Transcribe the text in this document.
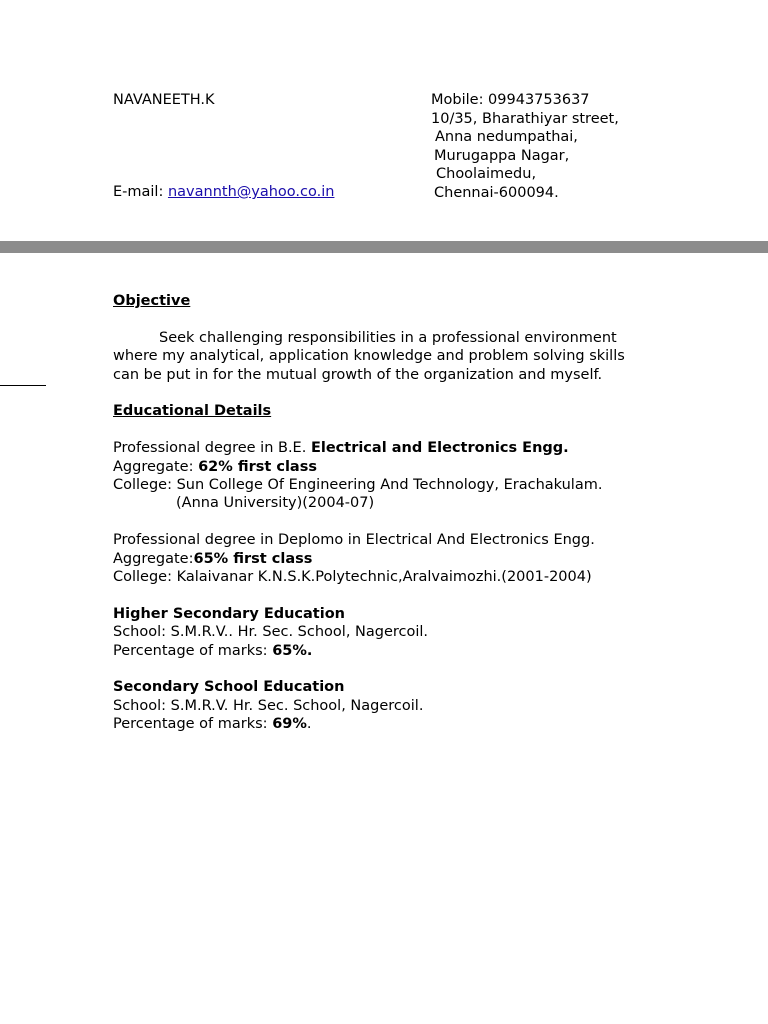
NAVANEETH.K
E-mail: navannth@yahoo.co.in
Mobile: 09943753637
10/35, Bharathiyar street,
Anna nedumpathai,
Murugappa Nagar,
Choolaimedu,
Chennai-600094.
Objective
Seek challenging responsibilities in a professional environment
where my analytical, application knowledge and problem solving skills
can be put in for the mutual growth of the organization and myself.
Educational Details
Professional degree in B.E. Electrical and Electronics Engg.
Aggregate: 62% first class
College: Sun College Of Engineering And Technology, Erachakulam.
(Anna University)(2004-07)
Professional degree in Deplomo in Electrical And Electronics Engg.
Aggregate:65% first class
College: Kalaivanar K.N.S.K.Polytechnic,Aralvaimozhi.(2001-2004)
Higher Secondary Education
School: S.M.R.V.. Hr. Sec. School, Nagercoil.
Percentage of marks: 65%.
Secondary School Education
School: S.M.R.V. Hr. Sec. School, Nagercoil.
Percentage of marks: 69%.
